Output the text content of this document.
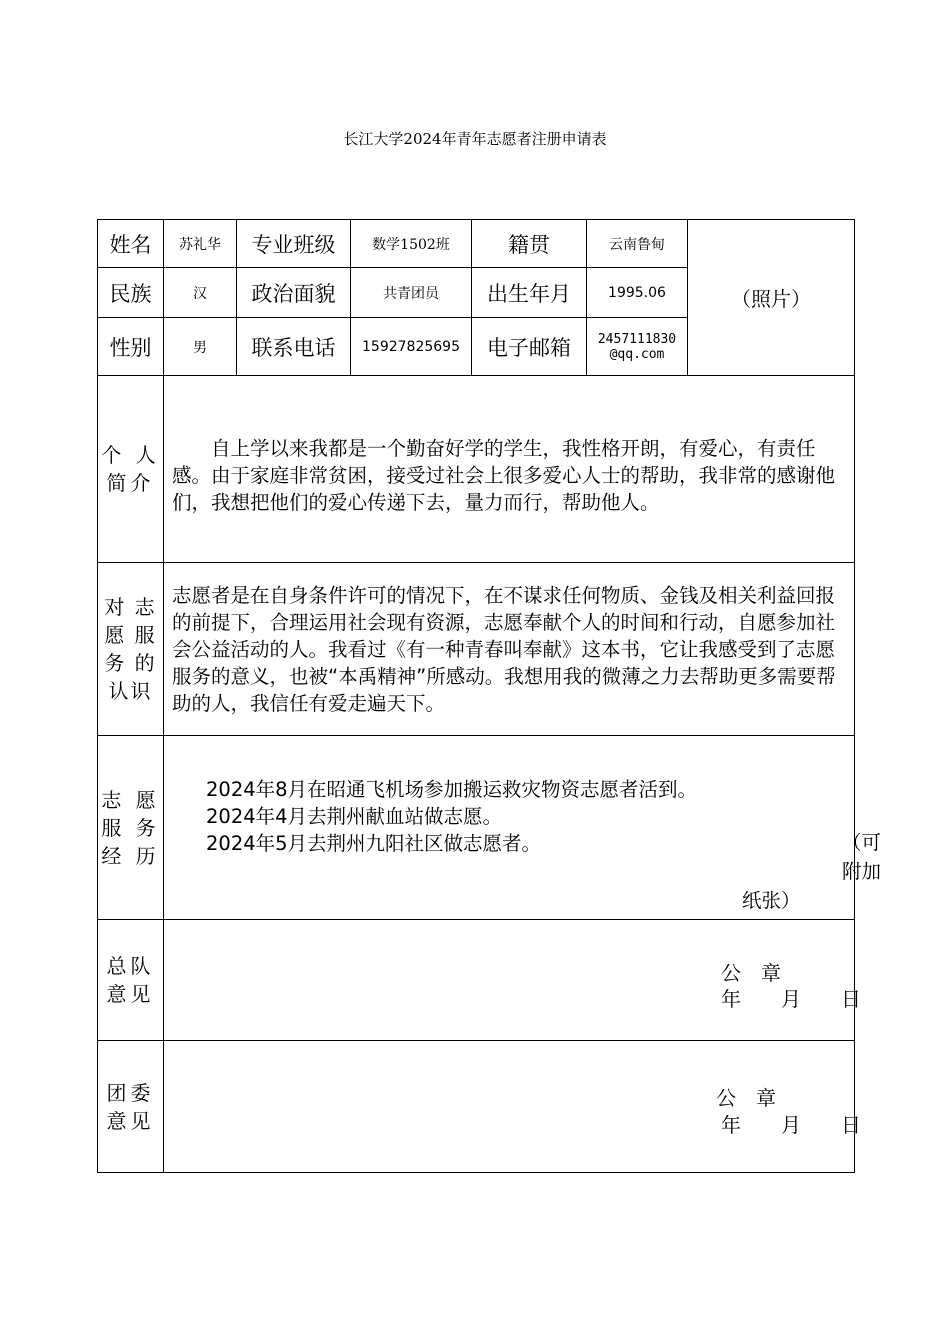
长江大学2024年青年志愿者注册申请表
姓名	苏礼华	专业班级	数学1502班	籍贯	云南鲁甸	（照片）
民族	汉	政治面貌	共青团员	出生年月	1995.06	
性别	男	联系电话	15927825695	电子邮箱	2457111830
@qq.com	

个 人 简介	自上学以来我都是一个勤奋好学的学生，我性格开朗，有爱心，有责任感。由于家庭非常贫困，接受过社会上很多爱心人士的帮助，我非常的感谢他们，我想把他们的爱心传递下去，量力而行，帮助他人。					

对 志 愿 服 务 的 认识	志愿者是在自身条件许可的情况下，在不谋求任何物质、金钱及相关利益回报的前提下，合理运用社会现有资源，志愿奉献个人的时间和行动，自愿参加社会公益活动的人。我看过《有一种青春叫奉献》这本书，它让我感受到了志愿服务的意义，也被“本禹精神”所感动。我想用我的微薄之力去帮助更多需要帮助的人，我信任有爱走遍天下。					

志 愿 服 务 经 历	2024年8月在昭通飞机场参加搬运救灾物资志愿者活到。
2024年4月去荆州献血站做志愿。
2024年5月去荆州九阳社区做志愿者。 （可附加
纸张）					

总队 意见	公　章
年　　月　　日					

团委 意见	公　章
年　　月　　日					
